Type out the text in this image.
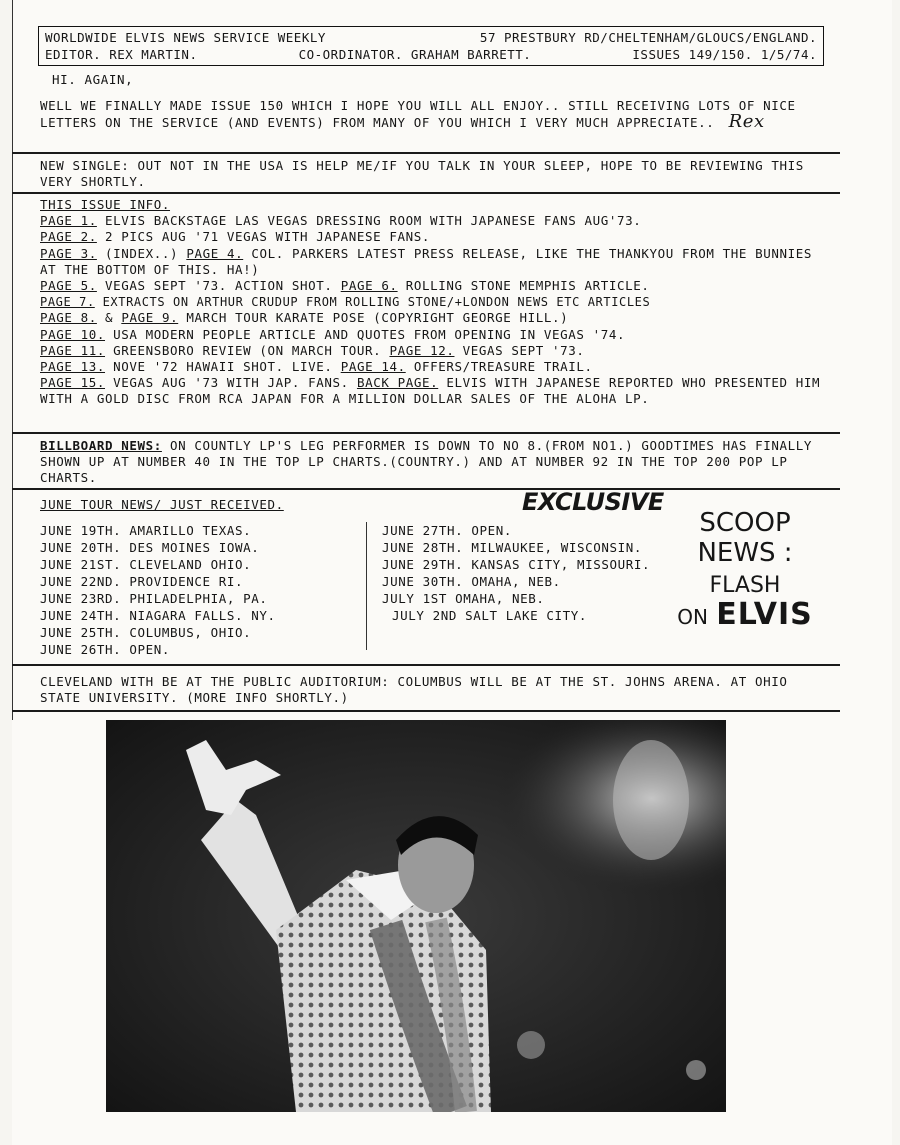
WORLDWIDE ELVIS NEWS SERVICE WEEKLY	57 PRESTBURY RD/CHELTENHAM/GLOUCS/ENGLAND.
EDITOR. REX MARTIN.	CO-ORDINATOR. GRAHAM BARRETT.	ISSUES 149/150. 1/5/74.
HI. AGAIN,
WELL WE FINALLY MADE ISSUE 150 WHICH I HOPE YOU WILL ALL ENJOY.. STILL RECEIVING LOTS OF NICE LETTERS ON THE SERVICE (AND EVENTS) FROM MANY OF YOU WHICH I VERY MUCH APPRECIATE.. Rex
NEW SINGLE: OUT NOT IN THE USA IS HELP ME/IF YOU TALK IN YOUR SLEEP, HOPE TO BE REVIEWING THIS VERY SHORTLY.
THIS ISSUE INFO.
PAGE 1. ELVIS BACKSTAGE LAS VEGAS DRESSING ROOM WITH JAPANESE FANS AUG'73.
PAGE 2. 2 PICS AUG '71 VEGAS WITH JAPANESE FANS.
PAGE 3. (INDEX..) PAGE 4. COL. PARKERS LATEST PRESS RELEASE, LIKE THE THANKYOU FROM THE BUNNIES AT THE BOTTOM OF THIS. HA!)
PAGE 5. VEGAS SEPT '73. ACTION SHOT. PAGE 6. ROLLING STONE MEMPHIS ARTICLE.
PAGE 7. EXTRACTS ON ARTHUR CRUDUP FROM ROLLING STONE/+LONDON NEWS ETC ARTICLES
PAGE 8. & PAGE 9. MARCH TOUR KARATE POSE (COPYRIGHT GEORGE HILL.)
PAGE 10. USA MODERN PEOPLE ARTICLE AND QUOTES FROM OPENING IN VEGAS '74.
PAGE 11. GREENSBORO REVIEW (ON MARCH TOUR. PAGE 12. VEGAS SEPT '73.
PAGE 13. NOVE '72 HAWAII SHOT. LIVE. PAGE 14. OFFERS/TREASURE TRAIL.
PAGE 15. VEGAS AUG '73 WITH JAP. FANS. BACK PAGE. ELVIS WITH JAPANESE REPORTED WHO PRESENTED HIM WITH A GOLD DISC FROM RCA JAPAN FOR A MILLION DOLLAR SALES OF THE ALOHA LP.
BILLBOARD NEWS: ON COUNTLY LP'S LEG PERFORMER IS DOWN TO NO 8.(FROM NO1.) GOODTIMES HAS FINALLY SHOWN UP AT NUMBER 40 IN THE TOP LP CHARTS.(COUNTRY.) AND AT NUMBER 92 IN THE TOP 200 POP LP CHARTS.
JUNE TOUR NEWS/ JUST RECEIVED.
JUNE 19TH. AMARILLO TEXAS.
JUNE 20TH. DES MOINES IOWA.
JUNE 21ST. CLEVELAND OHIO.
JUNE 22ND. PROVIDENCE RI.
JUNE 23RD. PHILADELPHIA, PA.
JUNE 24TH. NIAGARA FALLS. NY.
JUNE 25TH. COLUMBUS, OHIO.
JUNE 26TH. OPEN.
JUNE 27TH. OPEN.
JUNE 28TH. MILWAUKEE, WISCONSIN.
JUNE 29TH. KANSAS CITY, MISSOURI.
JUNE 30TH. OMAHA, NEB.
JULY 1ST OMAHA, NEB.
JULY 2ND SALT LAKE CITY.
EXCLUSIVE
SCOOP
NEWS :
FLASH
ON ELVIS
CLEVELAND WITH BE AT THE PUBLIC AUDITORIUM: COLUMBUS WILL BE AT THE ST. JOHNS ARENA. AT OHIO STATE UNIVERSITY. (MORE INFO SHORTLY.)
